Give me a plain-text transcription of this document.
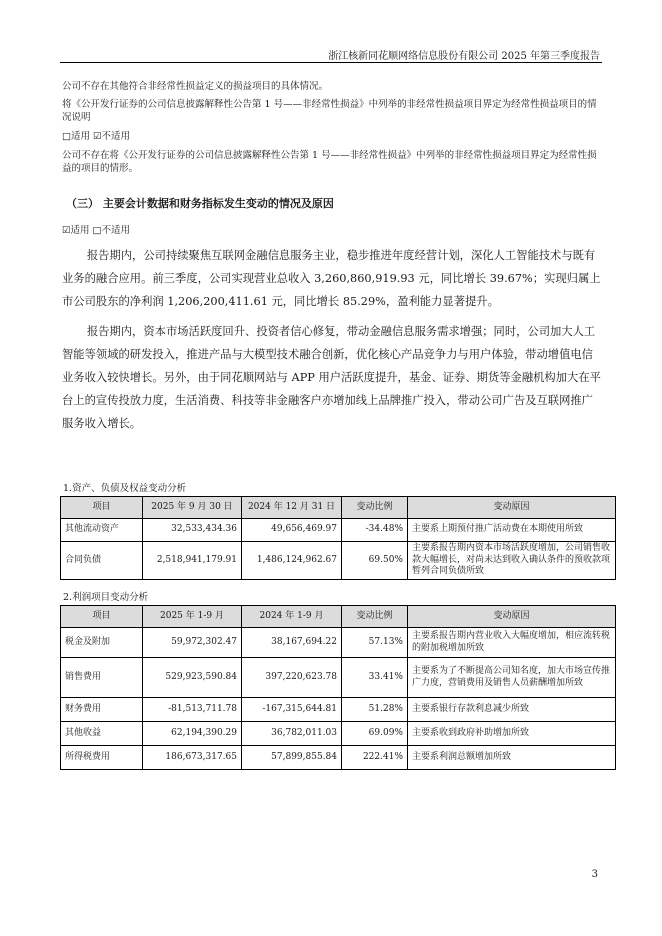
浙江核新同花顺网络信息股份有限公司 2025 年第三季度报告
公司不存在其他符合非经常性损益定义的损益项目的具体情况。
将《公开发行证券的公司信息披露解释性公告第 1 号——非经常性损益》中列举的非经常性损益项目界定为经常性损益项目的情况说明
□适用 ☑不适用
公司不存在将《公开发行证券的公司信息披露解释性公告第 1 号——非经常性损益》中列举的非经常性损益项目界定为经常性损益的项目的情形。
（三） 主要会计数据和财务指标发生变动的情况及原因
☑适用 □不适用
报告期内，公司持续聚焦互联网金融信息服务主业，稳步推进年度经营计划，深化人工智能技术与既有业务的融合应用。前三季度，公司实现营业总收入 3,260,860,919.93 元，同比增长 39.67%；实现归属上市公司股东的净利润 1,206,200,411.61 元，同比增长 85.29%，盈利能力显著提升。
报告期内，资本市场活跃度回升、投资者信心修复，带动金融信息服务需求增强；同时，公司加大人工智能等领域的研发投入，推进产品与大模型技术融合创新，优化核心产品竞争力与用户体验，带动增值电信业务收入较快增长。另外，由于同花顺网站与 APP 用户活跃度提升，基金、证券、期货等金融机构加大在平台上的宣传投放力度，生活消费、科技等非金融客户亦增加线上品牌推广投入，带动公司广告及互联网推广服务收入增长。
1.资产、负债及权益变动分析
项目	2025 年 9 月 30 日	2024 年 12 月 31 日	变动比例	变动原因
其他流动资产	32,533,434.36	49,656,469.97	-34.48%	主要系上期预付推广活动费在本期使用所致
合同负债	2,518,941,179.91	1,486,124,962.67	69.50%	主要系报告期内资本市场活跃度增加，公司销售收款大幅增长，对尚未达到收入确认条件的预收款项暂列合同负债所致
2.利润项目变动分析
项目	2025 年 1-9 月	2024 年 1-9 月	变动比例	变动原因
税金及附加	59,972,302.47	38,167,694.22	57.13%	主要系报告期内营业收入大幅度增加，相应流转税的附加税增加所致
销售费用	529,923,590.84	397,220,623.78	33.41%	主要系为了不断提高公司知名度，加大市场宣传推广力度，营销费用及销售人员薪酬增加所致
财务费用	-81,513,711.78	-167,315,644.81	51.28%	主要系银行存款利息减少所致
其他收益	62,194,390.29	36,782,011.03	69.09%	主要系收到政府补助增加所致
所得税费用	186,673,317.65	57,899,855.84	222.41%	主要系利润总额增加所致
3
